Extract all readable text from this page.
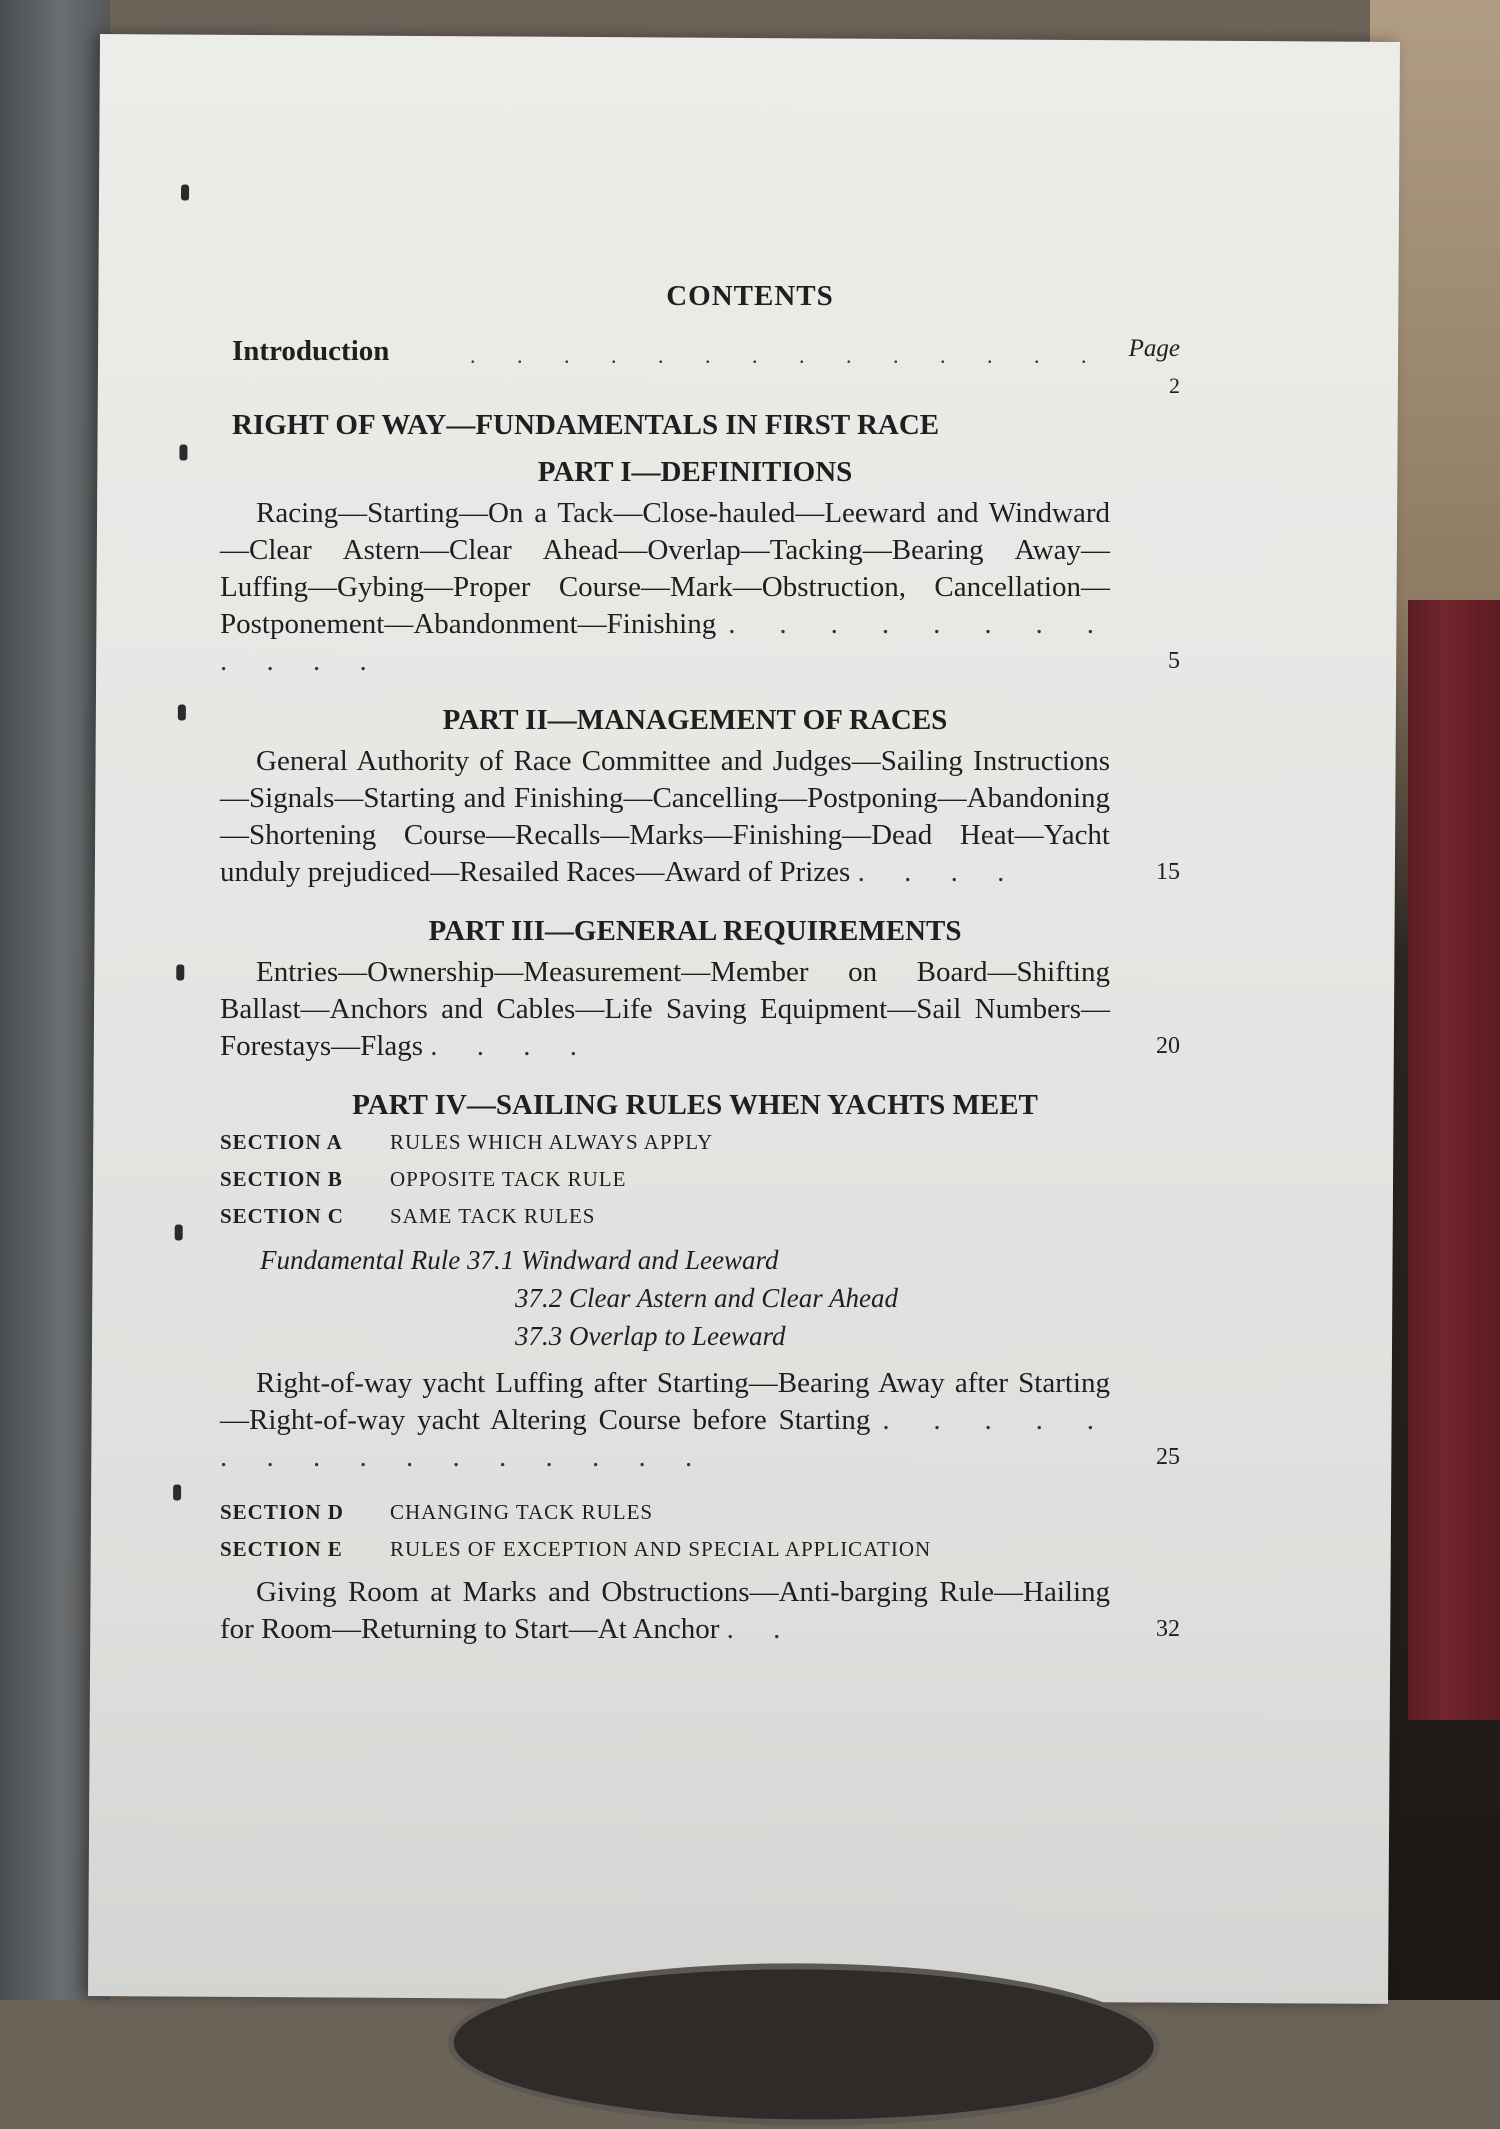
CONTENTS
Introduction	. . . . . . . . . . . . . . Page
2
RIGHT OF WAY—FUNDAMENTALS IN FIRST RACE
PART I—DEFINITIONS
Racing—Starting—On a Tack—Close-hauled—Leeward and Windward—Clear Astern—Clear Ahead—Overlap—Tacking—Bearing Away—Luffing—Gybing—Proper Course—Mark—Obstruction, Cancellation—Postponement—Abandonment—Finishing . . . . . . . . . . . .	5
PART II—MANAGEMENT OF RACES
General Authority of Race Committee and Judges—Sailing Instructions—Signals—Starting and Finishing—Cancelling—Postponing—Abandoning—Shortening Course—Recalls—Marks—Finishing—Dead Heat—Yacht unduly prejudiced—Resailed Races—Award of Prizes . . . .	15
PART III—GENERAL REQUIREMENTS
Entries—Ownership—Measurement—Member on Board—Shifting Ballast—Anchors and Cables—Life Saving Equipment—Sail Numbers—Forestays—Flags . . . .	20
PART IV—SAILING RULES WHEN YACHTS MEET
SECTION A RULES WHICH ALWAYS APPLY
SECTION B OPPOSITE TACK RULE
SECTION C SAME TACK RULES
Fundamental Rule 37.1 Windward and Leeward
37.2 Clear Astern and Clear Ahead
37.3 Overlap to Leeward
Right-of-way yacht Luffing after Starting—Bearing Away after Starting—Right-of-way yacht Altering Course before Starting . . . . . . . . . . . . . . . .	25
SECTION D CHANGING TACK RULES
SECTION E RULES OF EXCEPTION AND SPECIAL APPLICATION
Giving Room at Marks and Obstructions—Anti-barging Rule—Hailing for Room—Returning to Start—At Anchor . .	32
